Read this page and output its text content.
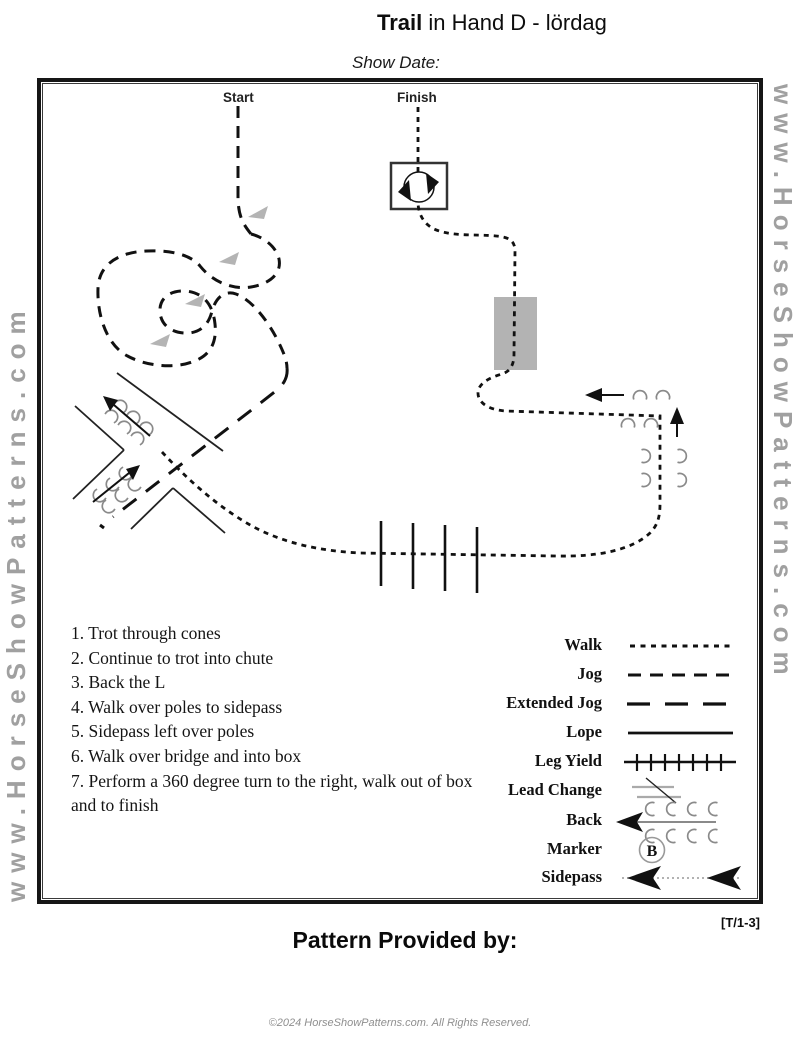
www.HorseShowPatterns.com	www.HorseShowPatterns.com
Trail in Hand D - lördag
Show Date:
B
Start	Finish
1. Trot through cones
2. Continue to trot into chute
3. Back the L
4. Walk over poles to sidepass
5. Sidepass left over poles
6. Walk over bridge and into box
7. Perform a 360 degree turn to the right, walk out of box and to finish
Walk
Jog
Extended Jog
Lope
Leg Yield
Lead Change
Back
Marker
Sidepass
[T/1-3]
Pattern Provided by:
©2024 HorseShowPatterns.com. All Rights Reserved.
